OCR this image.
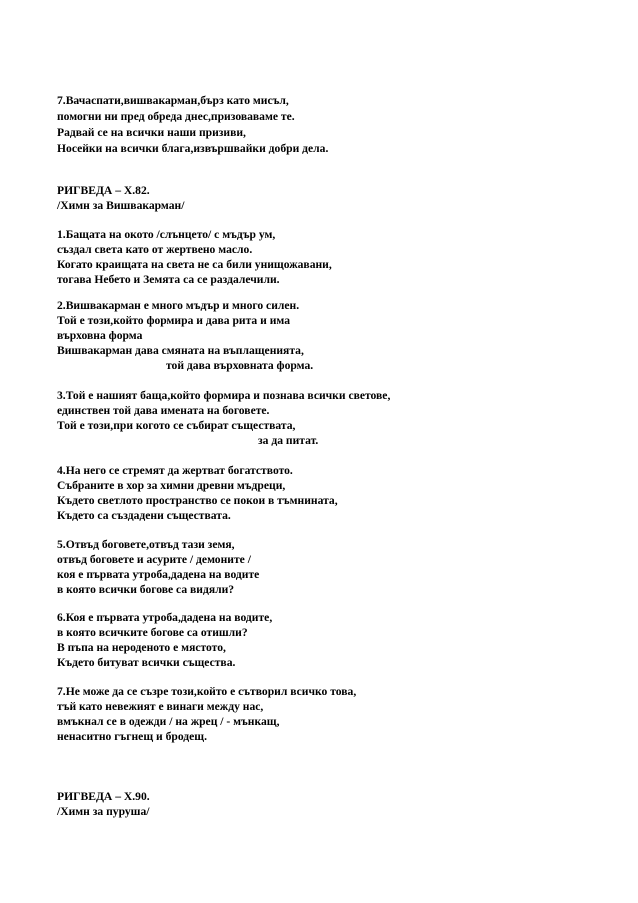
7.Вачаспати,вишвакарман,бърз като мисъл,

помогни ни пред обреда днес,призоваваме те.

Радвай се на всички наши призиви,

Носейки на всички блага,извършвайки добри дела.

РИГВЕДА – Х.82.

/Химн за Вишвакарман/

1.Бащата на окото /слънцето/ с мъдър ум,

създал света като от жертвено масло.

Когато краищата на света не са били унищожавани,

тогава Небето и Земята са се раздалечили.

2.Вишвакарман е много мъдър и много силен.

Той е този,който формира и дава рита и има

върховна форма

Вишвакарман дава смяната на въплащенията,

той дава върховната форма.

3.Той е нашият баща,който формира и познава всички светове,

единствен той дава имената на боговете.

Той е този,при когото се събират съществата,

за да питат.

4.На него се стремят да жертват богатството.

Събраните в хор за химни древни мъдреци,

Където светлото пространство се покои в тъмнината,

Където са създадени съществата.

5.Отвъд боговете,отвъд тази земя,

отвъд боговете и асурите / демоните /

коя е първата утроба,дадена на водите

в която всички богове са видяли?

6.Коя е първата утроба,дадена на водите,

в която всичките богове са отишли?

В пъпа на нероденото е мястото,

Където битуват всички същества.

7.Не може да се съзре този,който е сътворил всичко това,

тъй като невежият е винаги между нас,

вмъкнал се в одежди / на жрец / - мънкащ,

ненаситно гъгнещ и бродещ.

РИГВЕДА – Х.90.

/Химн за пуруша/
